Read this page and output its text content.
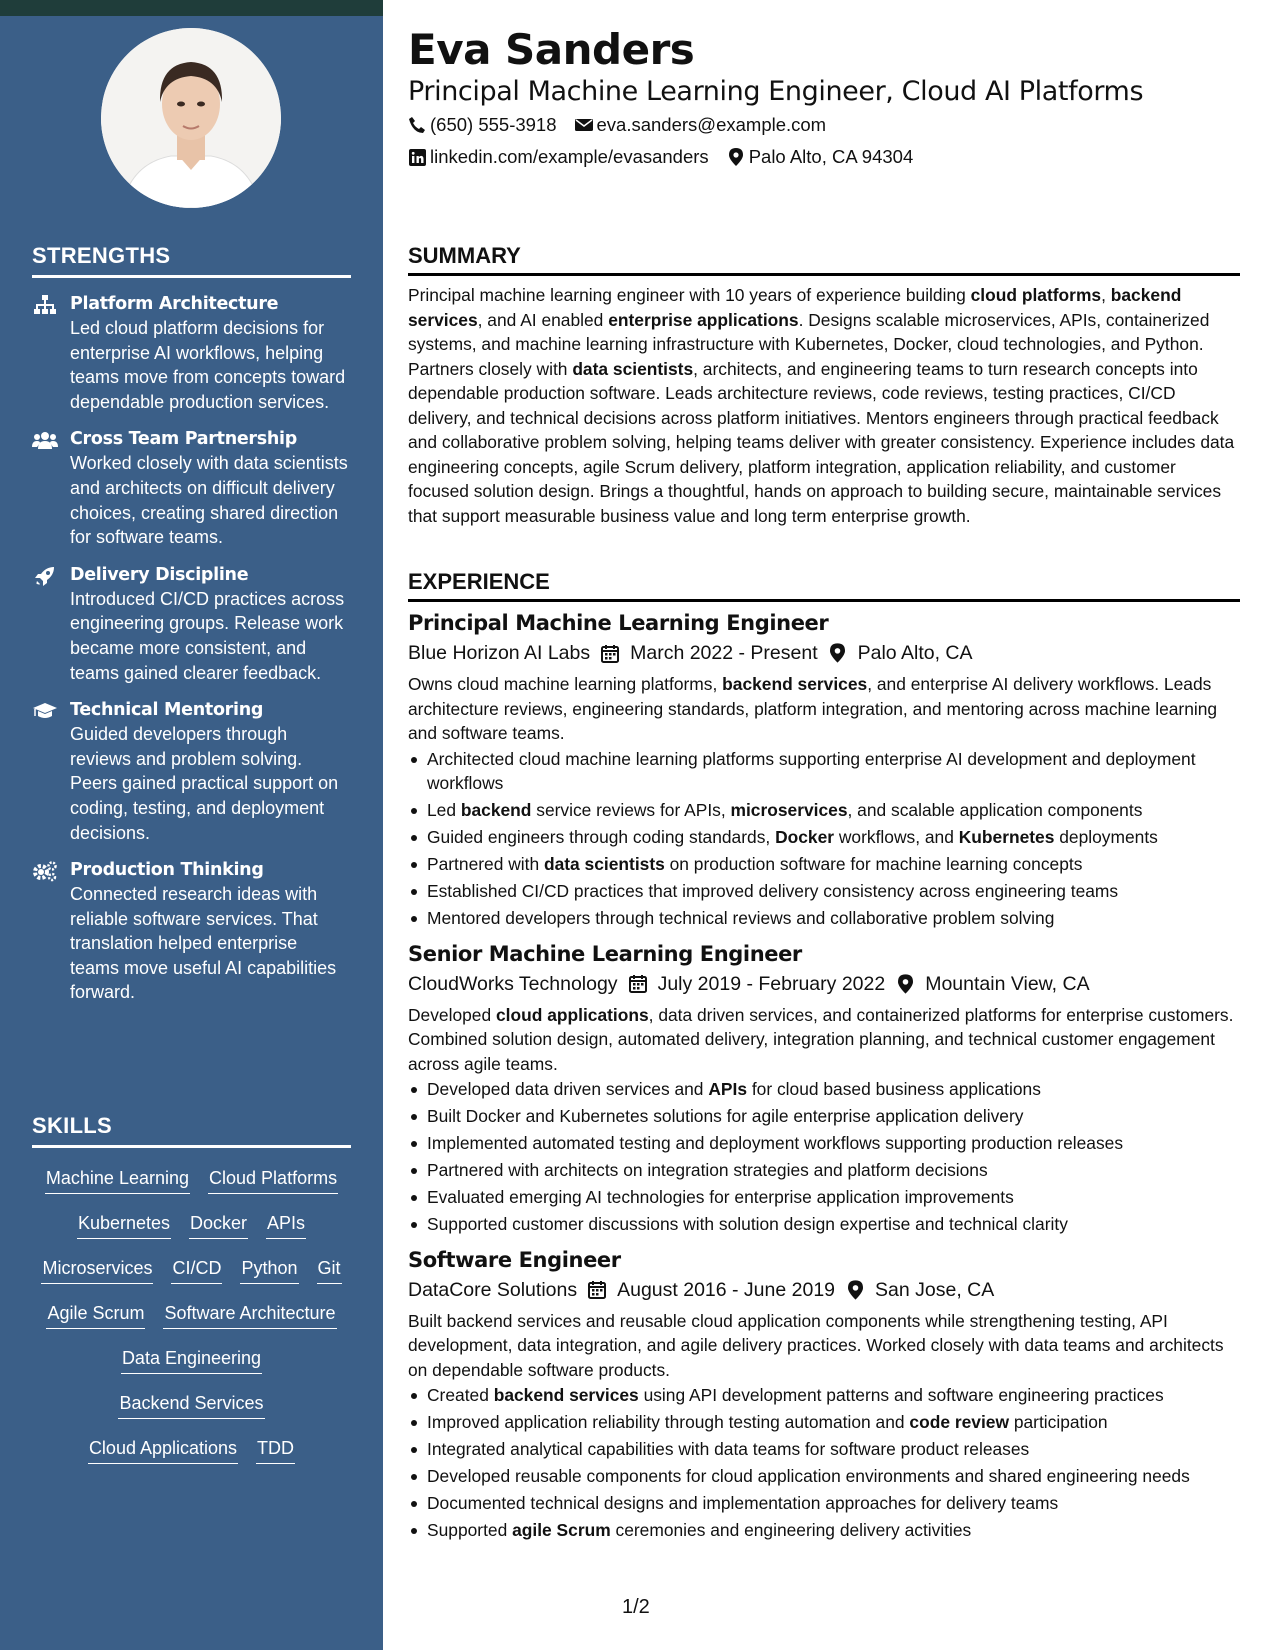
STRENGTHS
Platform Architecture
Led cloud platform decisions for enterprise AI workflows, helping teams move from concepts toward dependable production services.
Cross Team Partnership
Worked closely with data scientists and architects on difficult delivery choices, creating shared direction for software teams.
Delivery Discipline
Introduced CI/CD practices across engineering groups. Release work became more consistent, and teams gained clearer feedback.
Technical Mentoring
Guided developers through reviews and problem solving. Peers gained practical support on coding, testing, and deployment decisions.
Production Thinking
Connected research ideas with reliable software services. That translation helped enterprise teams move useful AI capabilities forward.
SKILLS
Machine Learning Cloud Platforms
Kubernetes Docker APIs
Microservices CI/CD Python Git
Agile Scrum Software Architecture
Data Engineering
Backend Services
Cloud Applications TDD
Eva Sanders
Principal Machine Learning Engineer, Cloud AI Platforms
(650) 555-3918 eva.sanders@example.com
linkedin.com/example/evasanders Palo Alto, CA 94304
SUMMARY
Principal machine learning engineer with 10 years of experience building cloud platforms, backend services, and AI enabled enterprise applications. Designs scalable microservices, APIs, containerized systems, and machine learning infrastructure with Kubernetes, Docker, cloud technologies, and Python. Partners closely with data scientists, architects, and engineering teams to turn research concepts into dependable production software. Leads architecture reviews, code reviews, testing practices, CI/CD delivery, and technical decisions across platform initiatives. Mentors engineers through practical feedback and collaborative problem solving, helping teams deliver with greater consistency. Experience includes data engineering concepts, agile Scrum delivery, platform integration, application reliability, and customer focused solution design. Brings a thoughtful, hands on approach to building secure, maintainable services that support measurable business value and long term enterprise growth.
EXPERIENCE
Principal Machine Learning Engineer
Blue Horizon AI Labs March 2022 - Present Palo Alto, CA
Owns cloud machine learning platforms, backend services, and enterprise AI delivery workflows. Leads architecture reviews, engineering standards, platform integration, and mentoring across machine learning and software teams.
Architected cloud machine learning platforms supporting enterprise AI development and deployment workflows
Led backend service reviews for APIs, microservices, and scalable application components
Guided engineers through coding standards, Docker workflows, and Kubernetes deployments
Partnered with data scientists on production software for machine learning concepts
Established CI/CD practices that improved delivery consistency across engineering teams
Mentored developers through technical reviews and collaborative problem solving
Senior Machine Learning Engineer
CloudWorks Technology July 2019 - February 2022 Mountain View, CA
Developed cloud applications, data driven services, and containerized platforms for enterprise customers. Combined solution design, automated delivery, integration planning, and technical customer engagement across agile teams.
Developed data driven services and APIs for cloud based business applications
Built Docker and Kubernetes solutions for agile enterprise application delivery
Implemented automated testing and deployment workflows supporting production releases
Partnered with architects on integration strategies and platform decisions
Evaluated emerging AI technologies for enterprise application improvements
Supported customer discussions with solution design expertise and technical clarity
Software Engineer
DataCore Solutions August 2016 - June 2019 San Jose, CA
Built backend services and reusable cloud application components while strengthening testing, API development, data integration, and agile delivery practices. Worked closely with data teams and architects on dependable software products.
Created backend services using API development patterns and software engineering practices
Improved application reliability through testing automation and code review participation
Integrated analytical capabilities with data teams for software product releases
Developed reusable components for cloud application environments and shared engineering needs
Documented technical designs and implementation approaches for delivery teams
Supported agile Scrum ceremonies and engineering delivery activities
1/2
